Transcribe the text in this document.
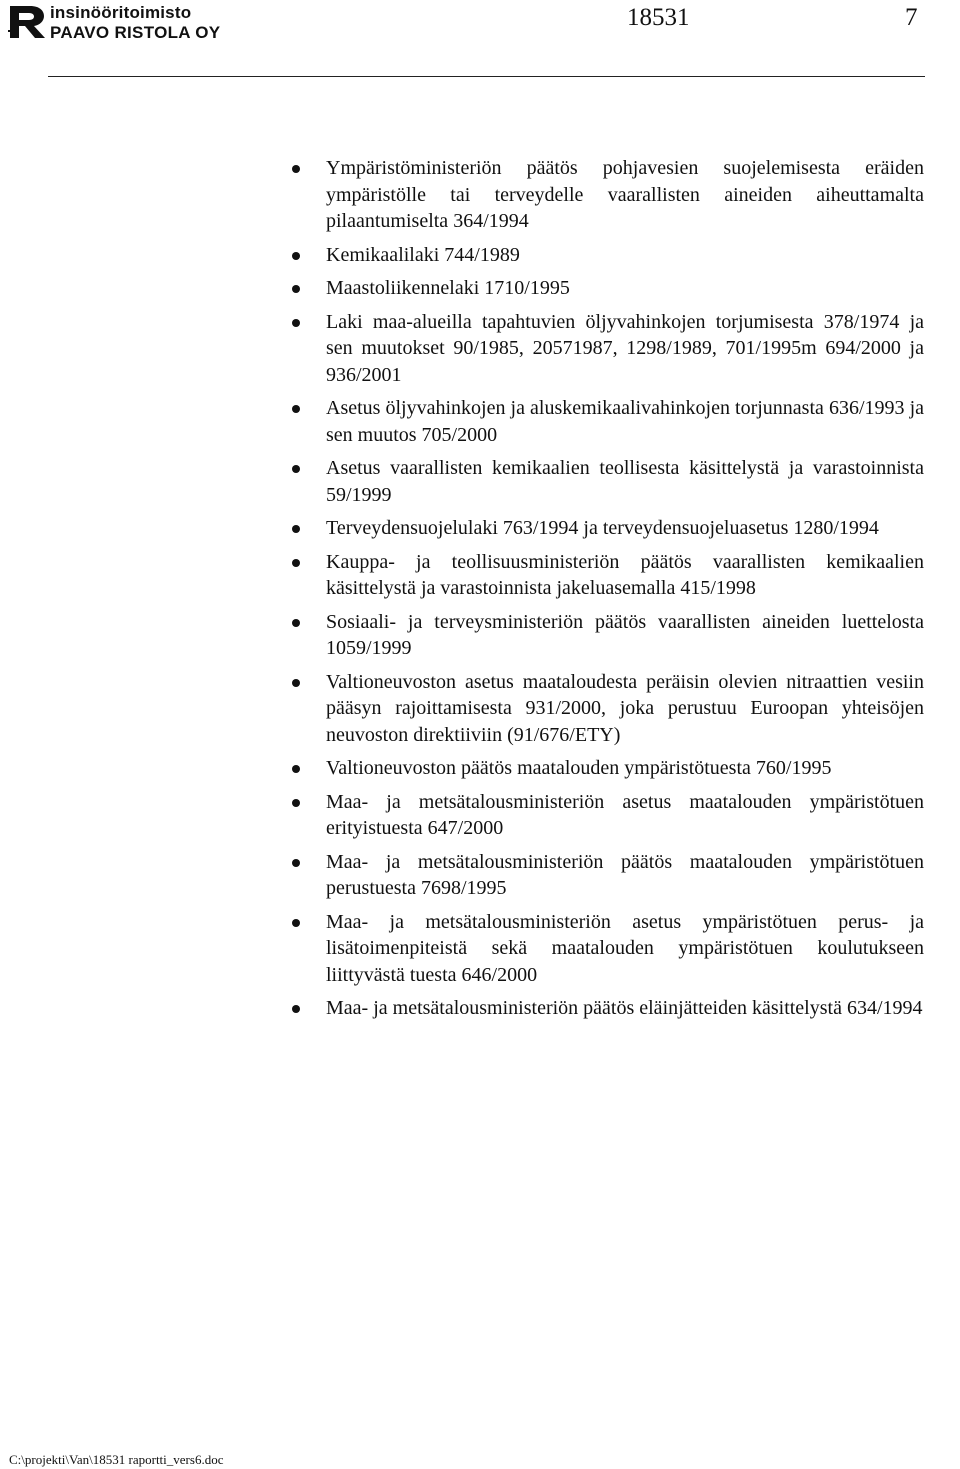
insinööritoimisto
PAAVO RISTOLA OY
18531	7
Ympäristöministeriön päätös pohjavesien suojelemisesta eräiden ympäristölle tai terveydelle vaarallisten aineiden aiheuttamalta pilaantumiselta 364/1994
Kemikaalilaki 744/1989
Maastoliikennelaki 1710/1995
Laki maa-alueilla tapahtuvien öljyvahinkojen torjumisesta 378/1974 ja sen muutokset 90/1985, 20571987, 1298/1989, 701/1995m 694/2000 ja 936/2001
Asetus öljyvahinkojen ja aluskemikaalivahinkojen torjunnasta 636/1993 ja sen muutos 705/2000
Asetus vaarallisten kemikaalien teollisesta käsittelystä ja varastoinnista 59/1999
Terveydensuojelulaki 763/1994 ja terveydensuojeluasetus 1280/1994
Kauppa- ja teollisuusministeriön päätös vaarallisten kemikaalien käsittelystä ja varastoinnista jakeluasemalla 415/1998
Sosiaali- ja terveysministeriön päätös vaarallisten aineiden luettelosta 1059/1999
Valtioneuvoston asetus maataloudesta peräisin olevien nitraattien vesiin pääsyn rajoittamisesta 931/2000, joka perustuu Euroopan yhteisöjen neuvoston direktiiviin (91/676/ETY)
Valtioneuvoston päätös maatalouden ympäristötuesta 760/1995
Maa- ja metsätalousministeriön asetus maatalouden ympäristötuen erityistuesta 647/2000
Maa- ja metsätalousministeriön päätös maatalouden ympäristötuen perustuesta 7698/1995
Maa- ja metsätalousministeriön asetus ympäristötuen perus- ja lisätoimenpiteistä sekä maatalouden ympäristötuen koulutukseen liittyvästä tuesta 646/2000
Maa- ja metsätalousministeriön päätös eläinjätteiden käsittelystä 634/1994
C:\projekti\Van\18531 raportti_vers6.doc
